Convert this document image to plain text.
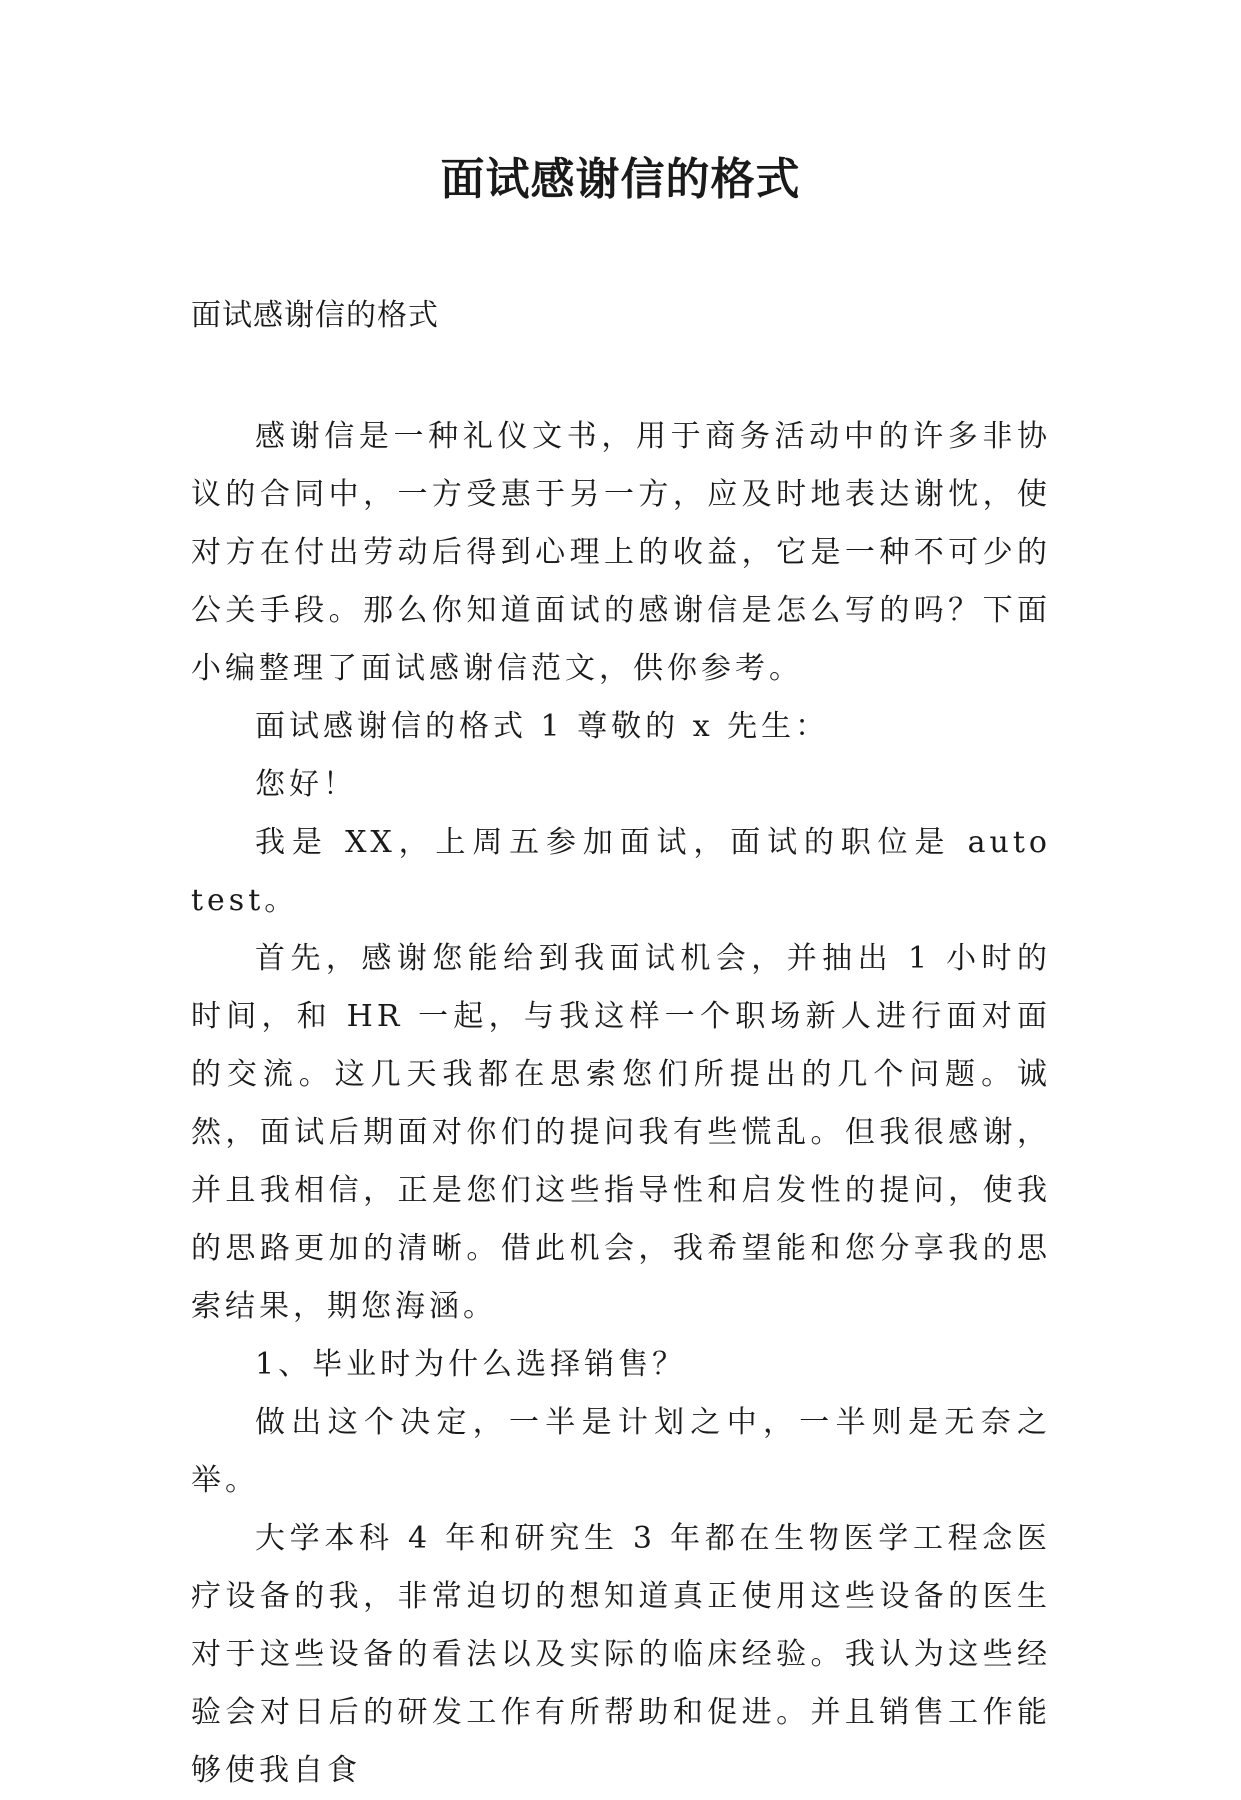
面试感谢信的格式
面试感谢信的格式

感谢信是一种礼仪文书，用于商务活动中的许多非协议的合同中，一方受惠于另一方，应及时地表达谢忱，使对方在付出劳动后得到心理上的收益，它是一种不可少的公关手段。那么你知道面试的感谢信是怎么写的吗？下面小编整理了面试感谢信范文，供你参考。

面试感谢信的格式 1 尊敬的 x 先生：

您好！

我是 XX，上周五参加面试，面试的职位是 auto test。

首先，感谢您能给到我面试机会，并抽出 1 小时的时间，和 HR 一起，与我这样一个职场新人进行面对面的交流。这几天我都在思索您们所提出的几个问题。诚然，面试后期面对你们的提问我有些慌乱。但我很感谢，并且我相信，正是您们这些指导性和启发性的提问，使我的思路更加的清晰。借此机会，我希望能和您分享我的思索结果，期您海涵。

1、毕业时为什么选择销售？

做出这个决定，一半是计划之中，一半则是无奈之举。

大学本科 4 年和研究生 3 年都在生物医学工程念医疗设备的我，非常迫切的想知道真正使用这些设备的医生对于这些设备的看法以及实际的临床经验。我认为这些经验会对日后的研发工作有所帮助和促进。并且销售工作能够使我自食
